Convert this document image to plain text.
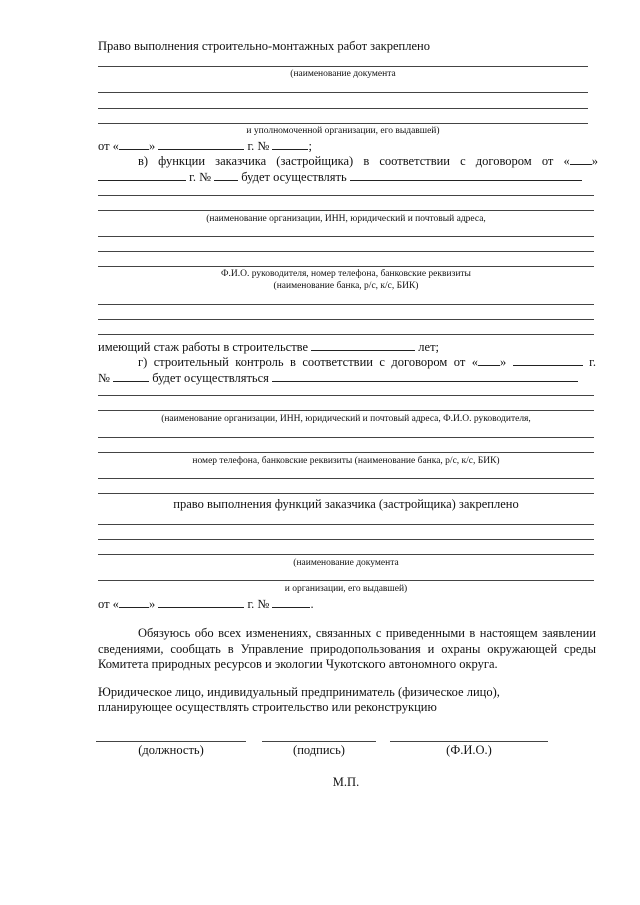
Право выполнения строительно-монтажных работ закреплено
(наименование документа
и уполномоченной организации, его выдавшей)
от « »	г. №	;
в) функции заказчика (застройщика) в соответствии с договором от « »
г. № будет осуществлять
(наименование организации, ИНН, юридический и почтовый адреса,
Ф.И.О. руководителя, номер телефона, банковские реквизиты
(наименование банка, р/с, к/с, БИК)
имеющий стаж работы в строительстве	лет;
г) строительный контроль в соответствии с договором от « »	г.
№	будет осуществляться
(наименование организации, ИНН, юридический и почтовый адреса, Ф.И.О. руководителя,
номер телефона, банковские реквизиты (наименование банка, р/с, к/с, БИК)
право выполнения функций заказчика (застройщика) закреплено
(наименование документа
и организации, его выдавшей)
от « »	г. №	.
Обязуюсь обо всех изменениях, связанных с приведенными в настоящем заявлении сведениями, сообщать в Управление природопользования и охраны окружающей среды Комитета природных ресурсов и экологии Чукотского автономного округа.
Юридическое лицо, индивидуальный предприниматель (физическое лицо),
планирующее осуществлять строительство или реконструкцию
(должность)	(подпись)	(Ф.И.О.)
М.П.
